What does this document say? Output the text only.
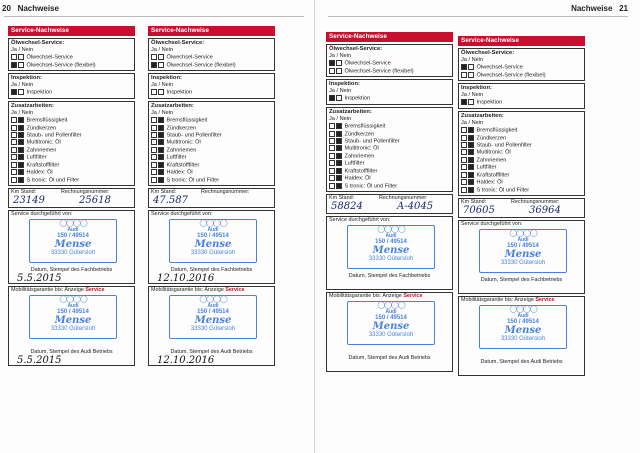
20 Nachweise	Nachweise 21
Service-Nachweise
Ölwechsel-Service:
Ja / Nein
Ölwechsel-Service
Ölwechsel-Service (flexibel)
Inspektion:
Ja / Nein
Inspektion
Zusatzarbeiten:
Ja / Nein
Bremsflüssigkeit
Zündkerzen
Staub- und Pollenfilter
Multitronic: Öl
Zahnriemen
Luftfilter
Kraftstofffilter
Haldex: Öl
S tronic: Öl und Filter
Km Stand:	Rechnungsnummer:
23149	25618
Service durchgeführt von:
◯◯◯◯
Audi
150 / 49514
Mense
33330 Gütersloh
Datum, Stempel des Fachbetriebs
5.5.2015
Mobilitätsgarantie bis: Anzeige Service
◯◯◯◯
Audi
150 / 49514
Mense
33330 Gütersloh
Datum, Stempel des Audi Betriebs
5.5.2015
Service-Nachweise
Ölwechsel-Service:
Ja / Nein
Ölwechsel-Service
Ölwechsel-Service (flexibel)
Inspektion:
Ja / Nein
Inspektion
Zusatzarbeiten:
Ja / Nein
Bremsflüssigkeit
Zündkerzen
Staub- und Pollenfilter
Multitronic: Öl
Zahnriemen
Luftfilter
Kraftstofffilter
Haldex: Öl
S tronic: Öl und Filter
Km Stand:	Rechnungsnummer:
47.587
Service durchgeführt von:
◯◯◯◯
Audi
150 / 49514
Mense
33330 Gütersloh
Datum, Stempel des Fachbetriebs
12.10.2016
Mobilitätsgarantie bis: Anzeige Service
◯◯◯◯
Audi
150 / 49514
Mense
33330 Gütersloh
Datum, Stempel des Audi Betriebs
12.10.2016
Service-Nachweise
Ölwechsel-Service:
Ja / Nein
Ölwechsel-Service
Ölwechsel-Service (flexibel)
Inspektion:
Ja / Nein
Inspektion
Zusatzarbeiten:
Ja / Nein
Bremsflüssigkeit
Zündkerzen
Staub- und Pollenfilter
Multitronic: Öl
Zahnriemen
Luftfilter
Kraftstofffilter
Haldex: Öl
S tronic: Öl und Filter
Km Stand:	Rechnungsnummer:
58824	A-4045
Service durchgeführt von:
◯◯◯◯
Audi
150 / 49514
Mense
33330 Gütersloh
Datum, Stempel des Fachbetriebs
Mobilitätsgarantie bis: Anzeige Service
◯◯◯◯
Audi
150 / 49514
Mense
33330 Gütersloh
Datum, Stempel des Audi Betriebs
Service-Nachweise
Ölwechsel-Service:
Ja / Nein
Ölwechsel-Service
Ölwechsel-Service (flexibel)
Inspektion:
Ja / Nein
Inspektion
Zusatzarbeiten:
Ja / Nein
Bremsflüssigkeit
Zündkerzen
Staub- und Pollenfilter
Multitronic: Öl
Zahnriemen
Luftfilter
Kraftstofffilter
Haldex: Öl
S tronic: Öl und Filter
Km Stand:	Rechnungsnummer:
70605	36964
Service durchgeführt von:
◯◯◯◯
Audi
150 / 49514
Mense
33330 Gütersloh
Datum, Stempel des Fachbetriebs
Mobilitätsgarantie bis: Anzeige Service
◯◯◯◯
Audi
150 / 49514
Mense
33330 Gütersloh
Datum, Stempel des Audi Betriebs
